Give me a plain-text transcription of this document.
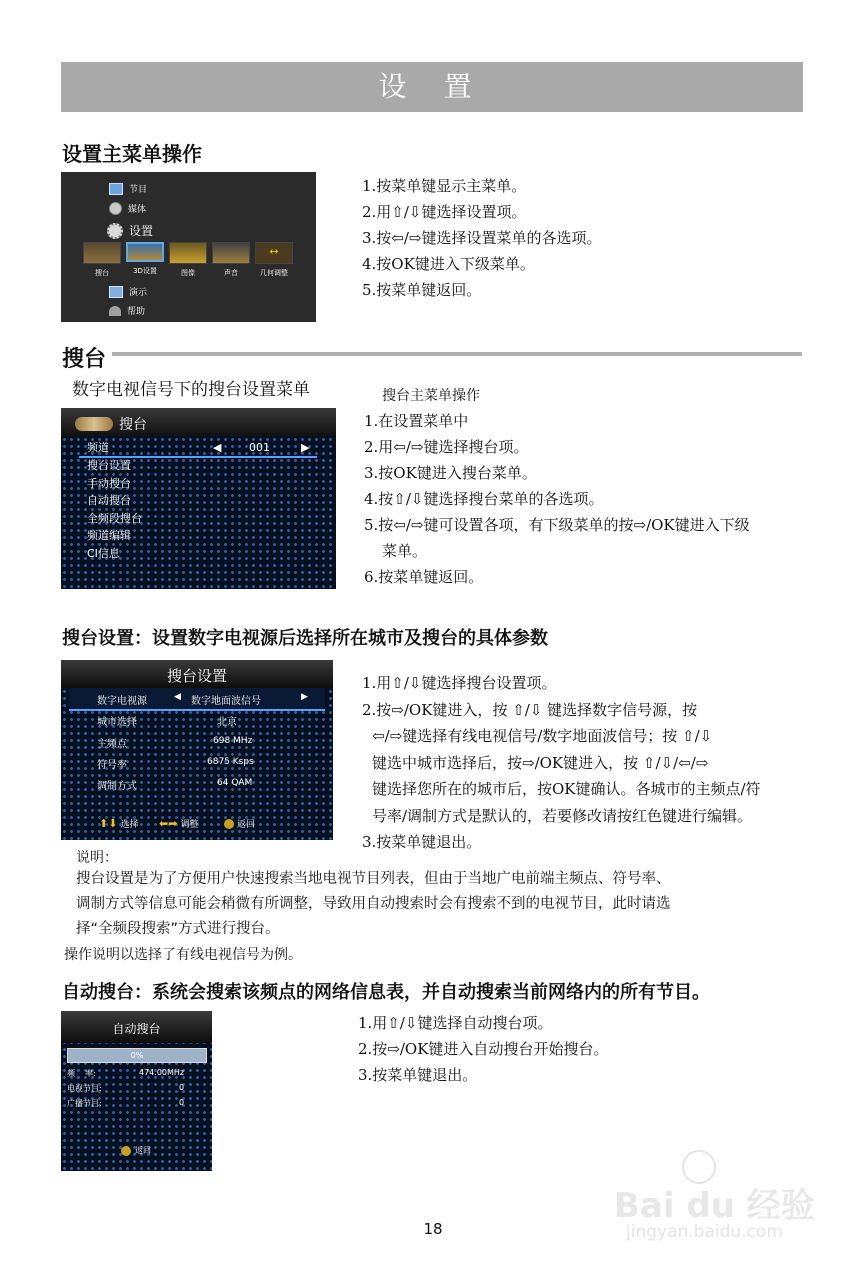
设 置
设置主菜单操作
节目
媒体
设置
搜台	3D设置	图像	声音
↔
几何调整
演示
帮助
1.按菜单键显示主菜单。
2.用⇧/⇩键选择设置项。
3.按⇦/⇨键选择设置菜单的各选项。
4.按OK键进入下级菜单。
5.按菜单键返回。
搜台
数字电视信号下的搜台设置菜单
搜台
频道	◀	001	▶
搜台设置
手动搜台
自动搜台
全频段搜台
频道编辑
CI信息
搜台主菜单操作
1.在设置菜单中
2.用⇦/⇨键选择搜台项。
3.按OK键进入搜台菜单。
4.按⇧/⇩键选择搜台菜单的各选项。
5.按⇦/⇨键可设置各项，有下级菜单的按⇨/OK键进入下级
菜单。
6.按菜单键返回。
搜台设置：设置数字电视源后选择所在城市及搜台的具体参数
搜台设置
数字电视源	◀ 数字地面波信号	▶
城市选择	北京
主频点	698 MHz
符号率	6875 Ksps
调制方式	64 QAM
⬆⬇ 选择 ⬅➡ 调整	返回
1.用⇧/⇩键选择搜台设置项。
2.按⇨/OK键进入，按 ⇧/⇩ 键选择数字信号源，按
⇦/⇨键选择有线电视信号/数字地面波信号；按 ⇧/⇩
键选中城市选择后，按⇨/OK键进入，按 ⇧/⇩/⇦/⇨
键选择您所在的城市后，按OK键确认。各城市的主频点/符
号率/调制方式是默认的，若要修改请按红色键进行编辑。
3.按菜单键退出。
说明：
搜台设置是为了方便用户快速搜索当地电视节目列表，但由于当地广电前端主频点、符号率、
调制方式等信息可能会稍微有所调整，导致用自动搜索时会有搜索不到的电视节目，此时请选
择“全频段搜索”方式进行搜台。
操作说明以选择了有线电视信号为例。
自动搜台：系统会搜索该频点的网络信息表，并自动搜索当前网络内的所有节目。
自动搜台
0%
频    率:	474.00MHz
电视节目:	0
广播节目:	0
返回
1.用⇧/⇩键选择自动搜台项。
2.按⇨/OK键进入自动搜台开始搜台。
3.按菜单键退出。
18
Bai du 经验
jingyan.baidu.com
